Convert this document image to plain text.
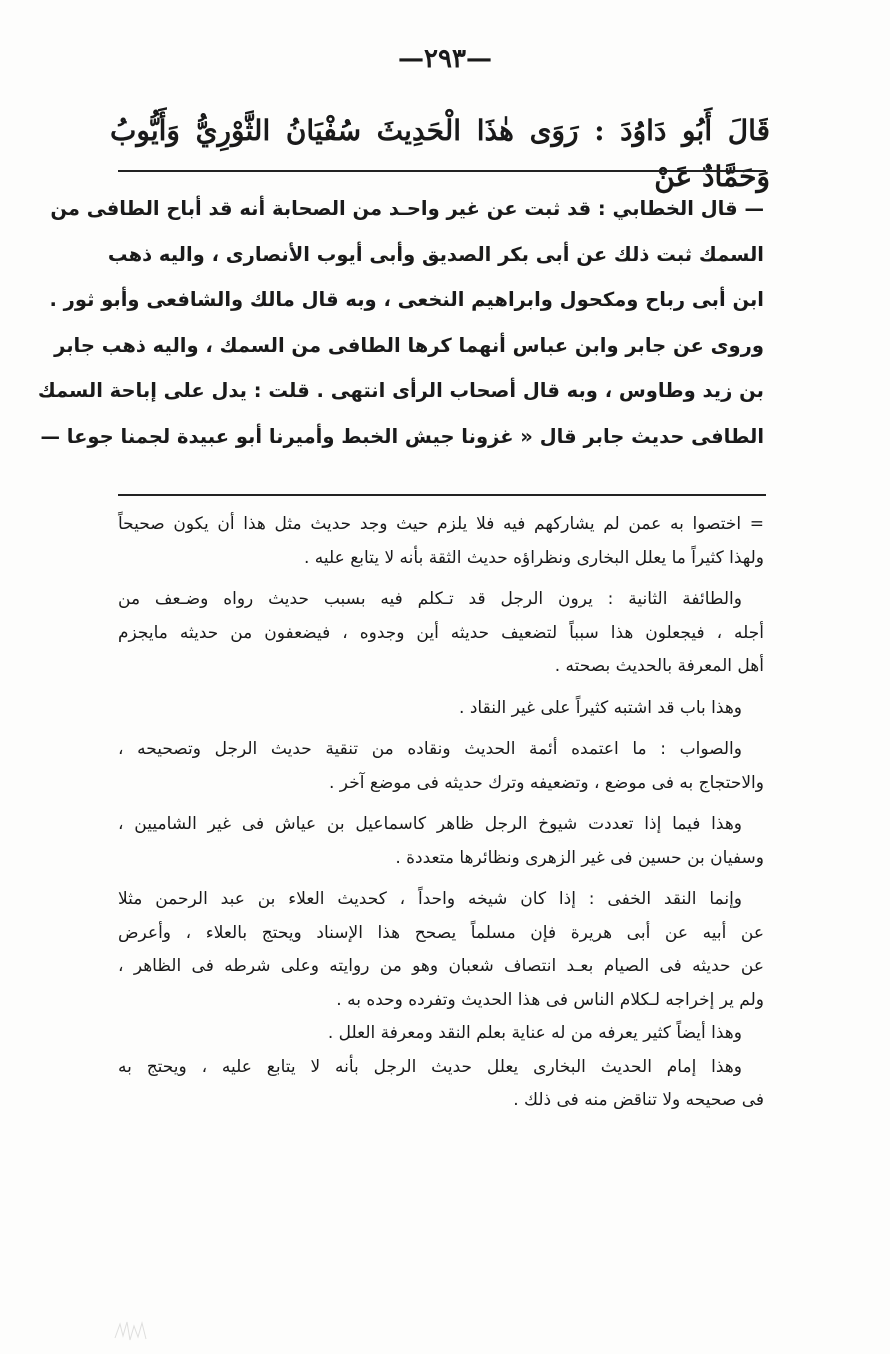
—٢٩٣—
قَالَ أَبُو دَاوُدَ : رَوَى هٰذَا الْحَدِيثَ سُفْيَانُ الثَّوْرِيُّ وَأَيُّوبُ وَحَمَّادٌ عَنْ
— قال الخطابي : قد ثبت عن غير واحـد من الصحابة أنه قد أباح الطافى من
السمك ثبت ذلك عن أبى بكر الصديق وأبى أيوب الأنصارى ، واليه ذهب
ابن أبى رباح ومكحول وابراهيم النخعى ، وبه قال مالك والشافعى وأبو ثور .
وروى عن جابر وابن عباس أنهما كرها الطافى من السمك ، واليه ذهب جابر
بن زيد وطاوس ، وبه قال أصحاب الرأى انتهى . قلت : يدل على إباحة السمك
الطافى حديث جابر قال « غزونا جيش الخبط وأميرنا أبو عبيدة لجمنا جوعا —
= اختصوا به عمن لم يشاركهم فيه فلا يلزم حيث وجد حديث مثل هذا أن يكون صحيحاً
ولهذا كثيراً ما يعلل البخارى ونظراؤه حديث الثقة بأنه لا يتابع عليه .
والطائفة الثانية : يرون الرجل قد تـكلم فيه بسبب حديث رواه وضـعف من
أجله ، فيجعلون هذا سبباً لتضعيف حديثه أين وجدوه ، فيضعفون من حديثه مايجزم
أهل المعرفة بالحديث بصحته .
وهذا باب قد اشتبه كثيراً على غير النقاد .
والصواب : ما اعتمده أئمة الحديث ونقاده من تنقية حديث الرجل وتصحيحه ،
والاحتجاج به فى موضع ، وتضعيفه وترك حديثه فى موضع آخر .
وهذا فيما إذا تعددت شيوخ الرجل ظاهر كاسماعيل بن عياش فى غير الشاميين ،
وسفيان بن حسين فى غير الزهرى ونظائرها متعددة .
وإنما النقد الخفى : إذا كان شيخه واحداً ، كحديث العلاء بن عبد الرحمن مثلا
عن أبيه عن أبى هريرة فإن مسلماً يصحح هذا الإسناد ويحتج بالعلاء ، وأعرض
عن حديثه فى الصيام بعـد انتصاف شعبان وهو من روايته وعلى شرطه فى الظاهر ،
ولم ير إخراجه لـكلام الناس فى هذا الحديث وتفرده وحده به .
وهذا أيضاً كثير يعرفه من له عناية بعلم النقد ومعرفة العلل .
وهذا إمام الحديث البخارى يعلل حديث الرجل بأنه لا يتابع عليه ، ويحتج به
فى صحيحه ولا تناقض منه فى ذلك .
